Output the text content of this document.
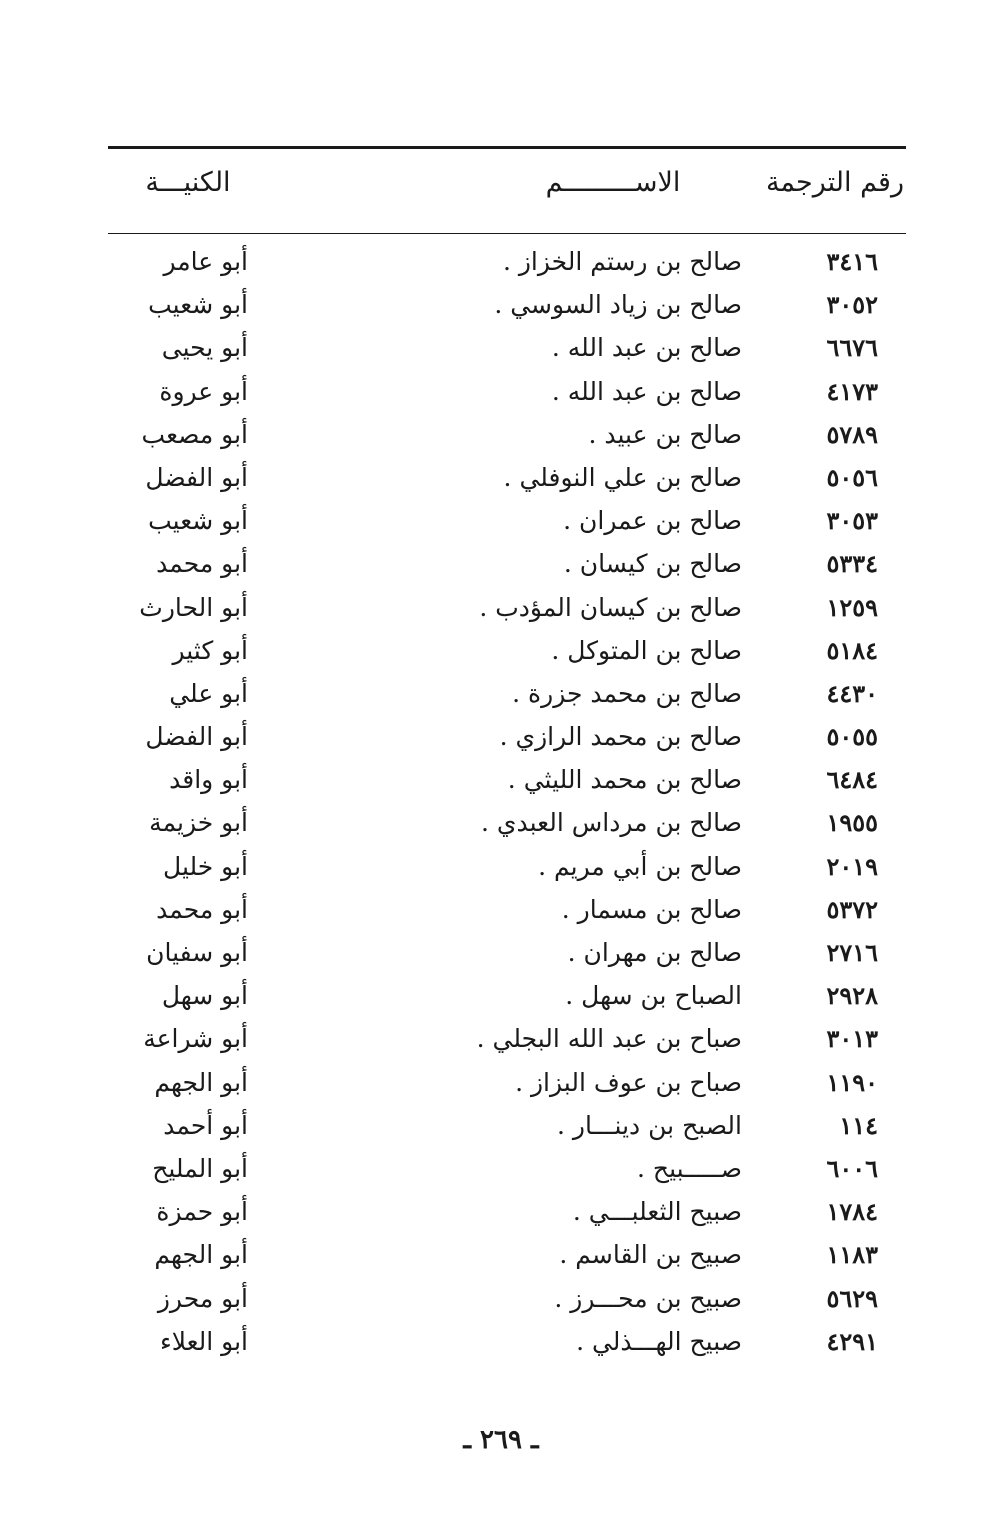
رقم الترجمة
الاســـــــــم
الكنيـــة
٣٤١٦
صالح بن رستم الخزاز .
أبو عامر
٣٠٥٢
صالح بن زياد السوسي .
أبو شعيب
٦٦٧٦
صالح بن عبد الله .
أبو يحيى
٤١٧٣
صالح بن عبد الله .
أبو عروة
٥٧٨٩
صالح بن عبيد .
أبو مصعب
٥٠٥٦
صالح بن علي النوفلي .
أبو الفضل
٣٠٥٣
صالح بن عمران .
أبو شعيب
٥٣٣٤
صالح بن كيسان .
أبو محمد
١٢٥٩
صالح بن كيسان المؤدب .
أبو الحارث
٥١٨٤
صالح بن المتوكل .
أبو كثير
٤٤٣٠
صالح بن محمد جزرة .
أبو علي
٥٠٥٥
صالح بن محمد الرازي .
أبو الفضل
٦٤٨٤
صالح بن محمد الليثي .
أبو واقد
١٩٥٥
صالح بن مرداس العبدي .
أبو خزيمة
٢٠١٩
صالح بن أبي مريم .
أبو خليل
٥٣٧٢
صالح بن مسمار .
أبو محمد
٢٧١٦
صالح بن مهران .
أبو سفيان
٢٩٢٨
الصباح بن سهل .
أبو سهل
٣٠١٣
صباح بن عبد الله البجلي .
أبو شراعة
١١٩٠
صباح بن عوف البزاز .
أبو الجهم
١١٤
الصبح بن دينـــار .
أبو أحمد
٦٠٠٦
صـــــبيح .
أبو المليح
١٧٨٤
صبيح الثعلبـــي .
أبو حمزة
١١٨٣
صبيح بن القاسم .
أبو الجهم
٥٦٢٩
صبيح بن محـــرز .
أبو محرز
٤٢٩١
صبيح الهـــذلي .
أبو العلاء
ـ ٢٦٩ ـ
